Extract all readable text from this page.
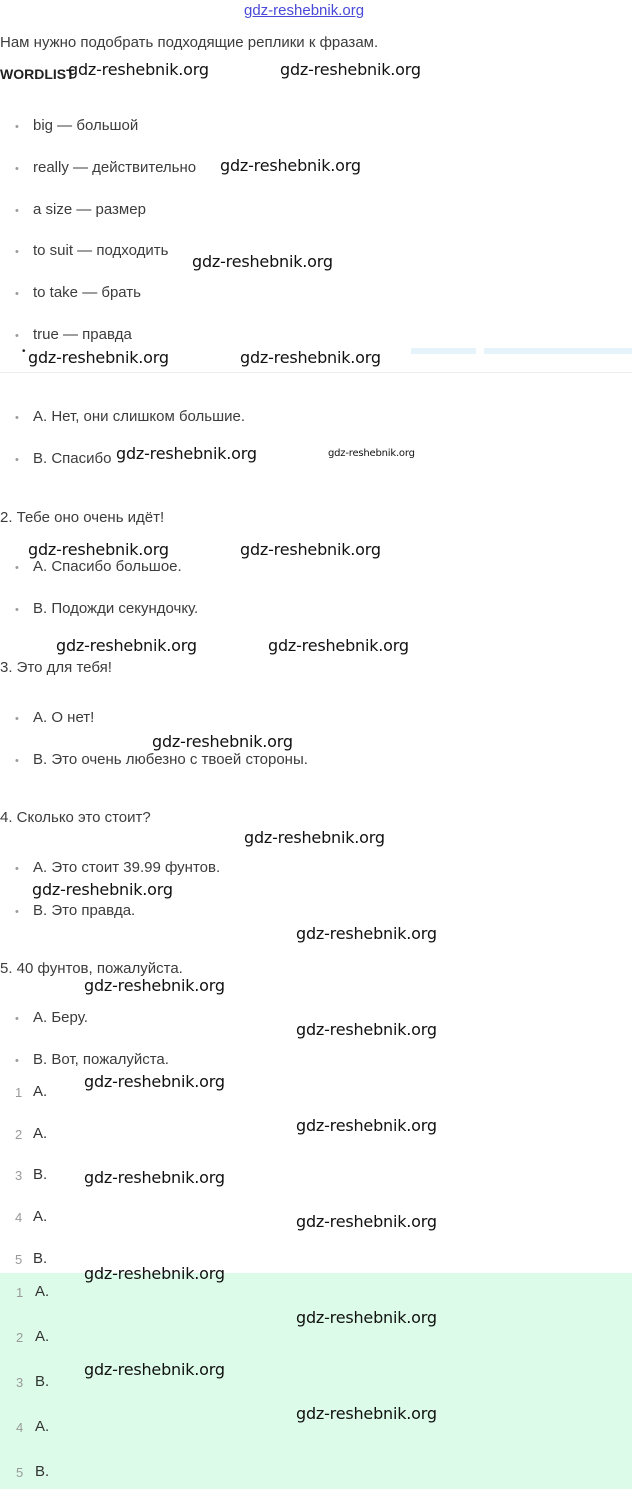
gdz-reshebnik.org
Нам нужно подобрать подходящие реплики к фразам.
WORDLIST
• big — большой
• really — действительно
• a size — размер
• to suit — подходить
• to take — брать
• true — правда
•
• А. Нет, они слишком большие.
• В. Спасибо
2. Тебе оно очень идёт!
• А. Спасибо большое.
• В. Подожди секундочку.
3. Это для тебя!
• А. О нет!
• В. Это очень любезно с твоей стороны.
4. Сколько это стоит?
• А. Это стоит 39.99 фунтов.
• В. Это правда.
5. 40 фунтов, пожалуйста.
• А. Беру.
• В. Вот, пожалуйста.
1 A.
2 A.
3 B.
4 A.
5 B.
1 A.
2 A.
3 B.
4 A.
5 B.
gdz-reshebnik.org	gdz-reshebnik.org
gdz-reshebnik.org
gdz-reshebnik.org
gdz-reshebnik.org	gdz-reshebnik.org
gdz-reshebnik.org	gdz-reshebnik.org
gdz-reshebnik.org	gdz-reshebnik.org
gdz-reshebnik.org	gdz-reshebnik.org
gdz-reshebnik.org
gdz-reshebnik.org
gdz-reshebnik.org
gdz-reshebnik.org
gdz-reshebnik.org
gdz-reshebnik.org
gdz-reshebnik.org
gdz-reshebnik.org
gdz-reshebnik.org
gdz-reshebnik.org
gdz-reshebnik.org
gdz-reshebnik.org
gdz-reshebnik.org
gdz-reshebnik.org
